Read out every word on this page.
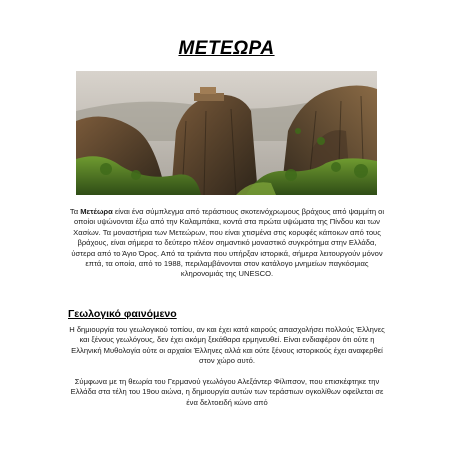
ΜΕΤΕΩΡΑ

Τα Μετέωρα είναι ένα σύμπλεγμα από τεράστιους σκοτεινόχρωμους βράχους από ψαμμίτη οι οποίοι υψώνονται έξω από την Καλαμπάκα, κοντά στα πρώτα υψώματα της Πίνδου και των Χασίων. Τα μοναστήρια των Μετεώρων, που είναι χτισμένα στις κορυφές κάποιων από τους βράχους, είναι σήμερα το δεύτερο πλέον σημαντικό μοναστικό συγκρότημα στην Ελλάδα, ύστερα από το Άγιο Όρος. Από τα τριάντα που υπήρξαν ιστορικά, σήμερα λειτουργούν μόνον επτά, τα οποία, από το 1988, περιλαμβάνονται στον κατάλογο μνημείων παγκόσμιας κληρονομιάς της UNESCO.

Γεωλογικό φαινόμενο

Η δημιουργία του γεωλογικού τοπίου, αν και έχει κατά καιρούς απασχολήσει πολλούς Έλληνες και ξένους γεωλόγους, δεν έχει ακόμη ξεκάθαρα ερμηνευθεί. Είναι ενδιαφέρον ότι ούτε η Ελληνική Μυθολογία ούτε οι αρχαίοι Έλληνες αλλά και ούτε ξένους ιστορικούς έχει αναφερθεί στον χώρο αυτό.

Σύμφωνα με τη θεωρία του Γερμανού γεωλόγου Αλεξάντερ Φίλιπσον, που επισκέφτηκε την Ελλάδα στα τέλη του 19ου αιώνα, η δημιουργία αυτών των τεράστιων ογκολίθων οφείλεται σε ένα δελτοειδή κώνο από
